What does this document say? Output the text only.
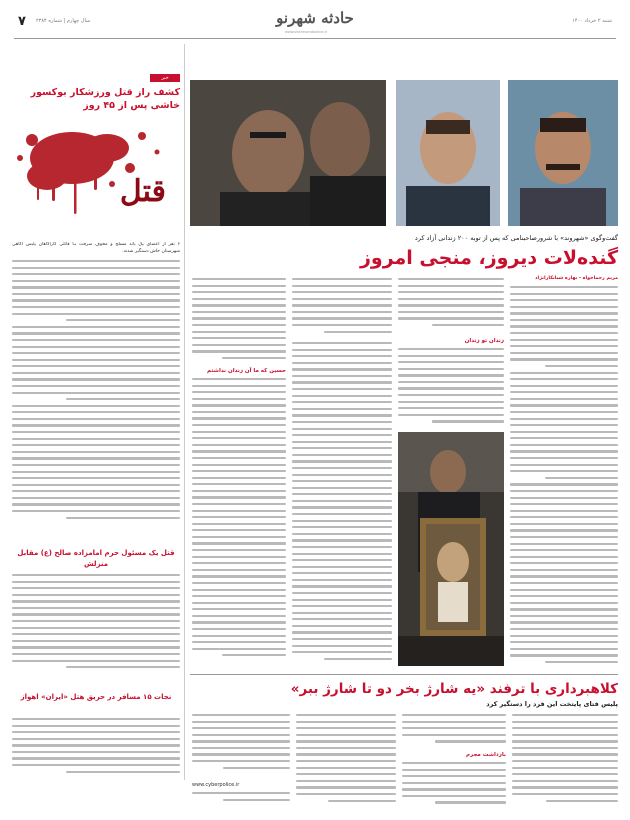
۷ سال چهارم | شماره ۲۳۸۴	حادثه شهرنو
www.shahrvandonline.ir
شنبه ۲ خرداد ۱۴۰۰
خبر
کشف راز قتل ورزشکار بوکسور خاشی پس از ۴۵ روز
قتل
۶ نفر از اعضای یک باند مسلح و مخوف سرقت بـا قاتلی کارآگاهان پلیس آگاهی شهرستان خاش دستگیر شدند.
قتل یک مسئول حرم امامزاده صالح (ع) مقابل منزلش
نجات ۱۵ مسافر در حریق هتل «ایران» اهواز
گفت‌وگوی «شهروند» با شرورصاحبنامی که پس از توبه ۲۰۰ زندانی آزاد کرد
گنده‌لات دیروز، منجی امروز
مریم رحماخواه - بهاره شبانکارانژاد
زندان تو زندان
حسین که ما آن زندان نداشتم
کلاهبرداری با ترفند «یه شارژ بخر دو تا شارژ ببر»
پلیس فتای پایتخت این فرد را دستگیر کرد
بازداشت مجرم
www.cyberpolice.ir
